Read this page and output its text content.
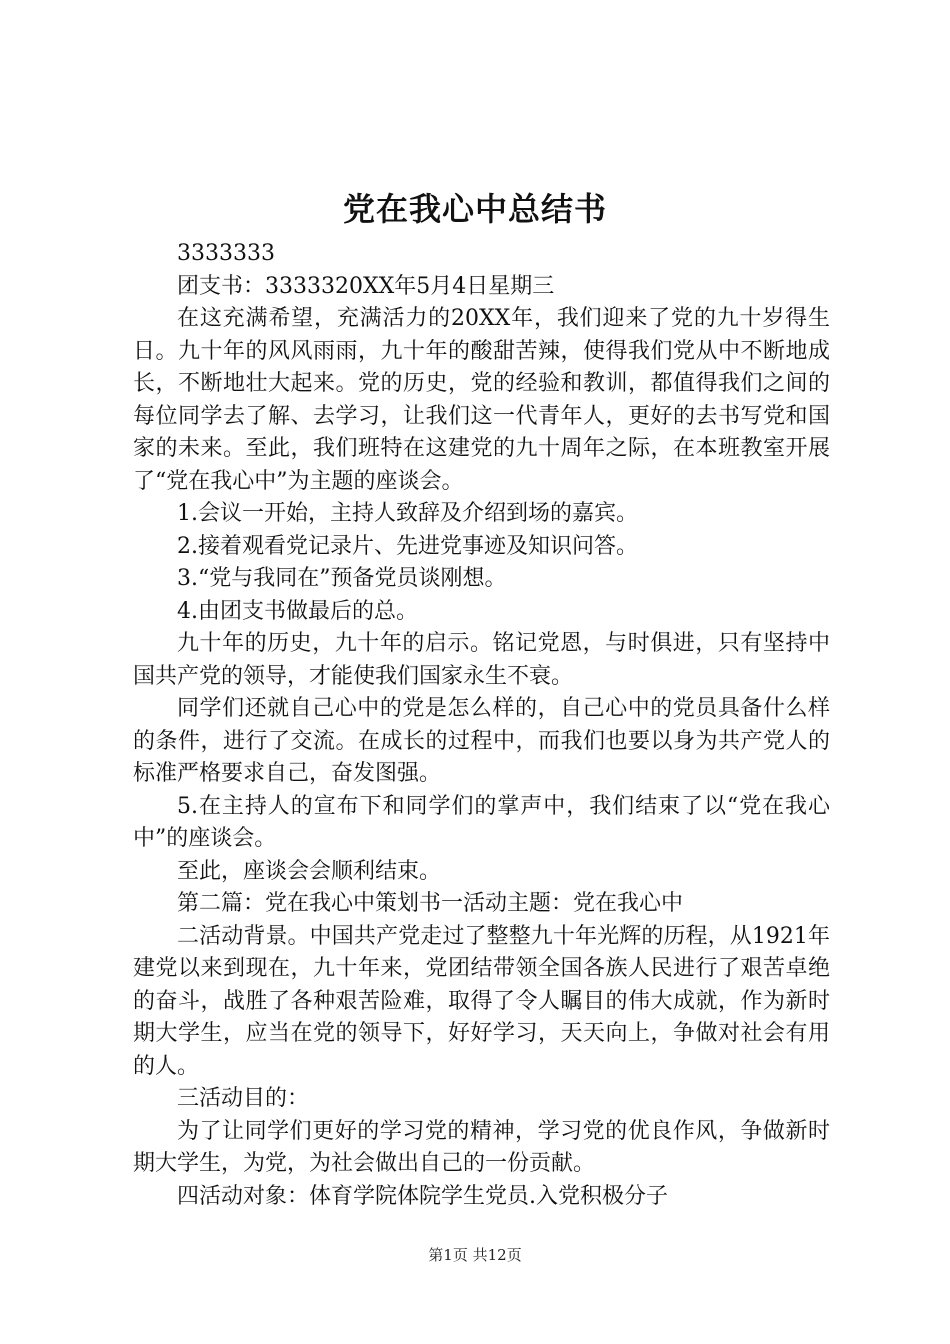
党在我心中总结书

3333333

团支书：3333320XX年5月4日星期三

在这充满希望，充满活力的20XX年，我们迎来了党的九十岁得生日。九十年的风风雨雨，九十年的酸甜苦辣，使得我们党从中不断地成长，不断地壮大起来。党的历史，党的经验和教训，都值得我们之间的每位同学去了解、去学习，让我们这一代青年人，更好的去书写党和国家的未来。至此，我们班特在这建党的九十周年之际，在本班教室开展了“党在我心中”为主题的座谈会。

1.会议一开始，主持人致辞及介绍到场的嘉宾。

2.接着观看党记录片、先进党事迹及知识问答。

3.“党与我同在”预备党员谈刚想。

4.由团支书做最后的总。

九十年的历史，九十年的启示。铭记党恩，与时俱进，只有坚持中国共产党的领导，才能使我们国家永生不衰。

同学们还就自己心中的党是怎么样的，自己心中的党员具备什么样的条件，进行了交流。在成长的过程中，而我们也要以身为共产党人的标准严格要求自己，奋发图强。

5.在主持人的宣布下和同学们的掌声中，我们结束了以“党在我心中”的座谈会。

至此，座谈会会顺利结束。

第二篇：党在我心中策划书一活动主题：党在我心中

二活动背景。中国共产党走过了整整九十年光辉的历程，从1921年建党以来到现在，九十年来，党团结带领全国各族人民进行了艰苦卓绝的奋斗，战胜了各种艰苦险难，取得了令人瞩目的伟大成就，作为新时期大学生，应当在党的领导下，好好学习，天天向上，争做对社会有用的人。

三活动目的：

为了让同学们更好的学习党的精神，学习党的优良作风，争做新时期大学生，为党，为社会做出自己的一份贡献。

四活动对象：体育学院体院学生党员.入党积极分子

第1页 共12页
